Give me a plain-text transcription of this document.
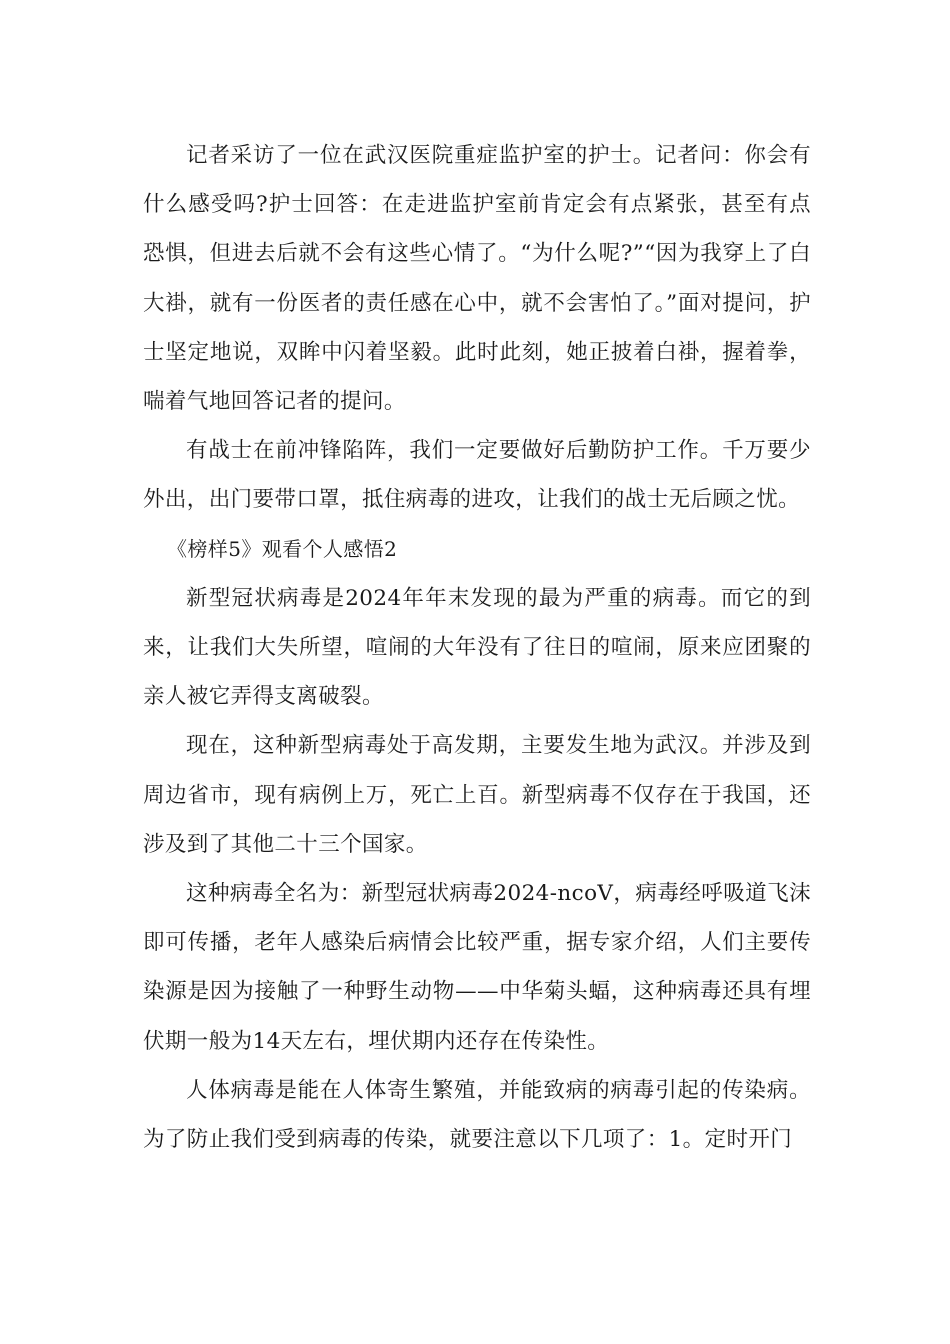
记者采访了一位在武汉医院重症监护室的护士。记者问：你会有什么感受吗?护士回答：在走进监护室前肯定会有点紧张，甚至有点恐惧，但进去后就不会有这些心情了。“为什么呢?”“因为我穿上了白大褂，就有一份医者的责任感在心中，就不会害怕了。”面对提问，护士坚定地说，双眸中闪着坚毅。此时此刻，她正披着白褂，握着拳，喘着气地回答记者的提问。

有战士在前冲锋陷阵，我们一定要做好后勤防护工作。千万要少外出，出门要带口罩，抵住病毒的进攻，让我们的战士无后顾之忧。

《榜样5》观看个人感悟2

新型冠状病毒是2024年年末发现的最为严重的病毒。而它的到来，让我们大失所望，喧闹的大年没有了往日的喧闹，原来应团聚的亲人被它弄得支离破裂。

现在，这种新型病毒处于高发期，主要发生地为武汉。并涉及到周边省市，现有病例上万，死亡上百。新型病毒不仅存在于我国，还涉及到了其他二十三个国家。

这种病毒全名为：新型冠状病毒2024-ncoV，病毒经呼吸道飞沫即可传播，老年人感染后病情会比较严重，据专家介绍，人们主要传染源是因为接触了一种野生动物——中华菊头蝠，这种病毒还具有埋伏期一般为14天左右，埋伏期内还存在传染性。

人体病毒是能在人体寄生繁殖，并能致病的病毒引起的传染病。为了防止我们受到病毒的传染，就要注意以下几项了：1。定时开门
